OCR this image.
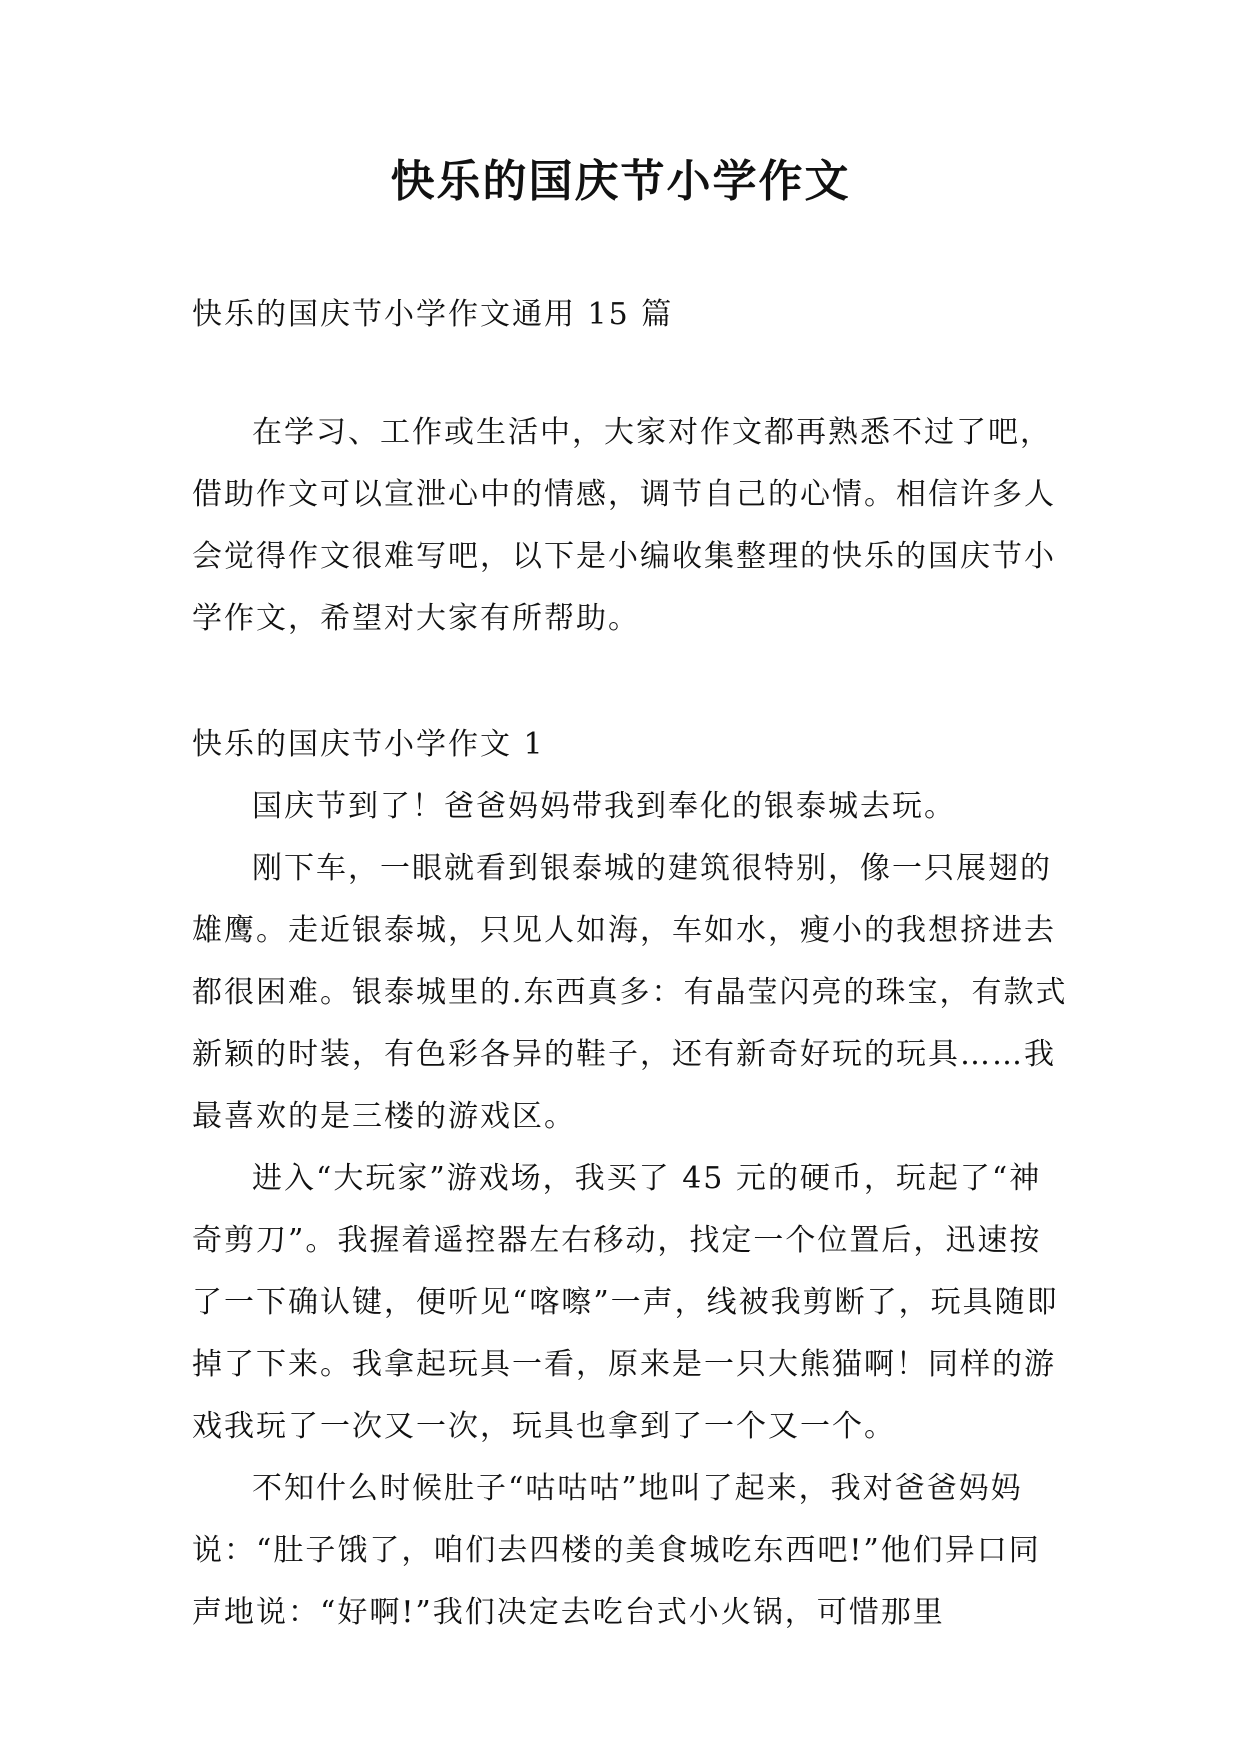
快乐的国庆节小学作文

快乐的国庆节小学作文通用 15 篇

在学习、工作或生活中，大家对作文都再熟悉不过了吧，借助作文可以宣泄心中的情感，调节自己的心情。相信许多人会觉得作文很难写吧，以下是小编收集整理的快乐的国庆节小学作文，希望对大家有所帮助。

快乐的国庆节小学作文 1

国庆节到了！爸爸妈妈带我到奉化的银泰城去玩。

刚下车，一眼就看到银泰城的建筑很特别，像一只展翅的雄鹰。走近银泰城，只见人如海，车如水，瘦小的我想挤进去都很困难。银泰城里的.东西真多：有晶莹闪亮的珠宝，有款式新颖的时装，有色彩各异的鞋子，还有新奇好玩的玩具……我最喜欢的是三楼的游戏区。

进入“大玩家”游戏场，我买了 45 元的硬币，玩起了“神奇剪刀”。我握着遥控器左右移动，找定一个位置后，迅速按了一下确认键，便听见“喀嚓”一声，线被我剪断了，玩具随即掉了下来。我拿起玩具一看，原来是一只大熊猫啊！同样的游戏我玩了一次又一次，玩具也拿到了一个又一个。

不知什么时候肚子“咕咕咕”地叫了起来，我对爸爸妈妈说：“肚子饿了，咱们去四楼的美食城吃东西吧!”他们异口同声地说：“好啊!”我们决定去吃台式小火锅，可惜那里
